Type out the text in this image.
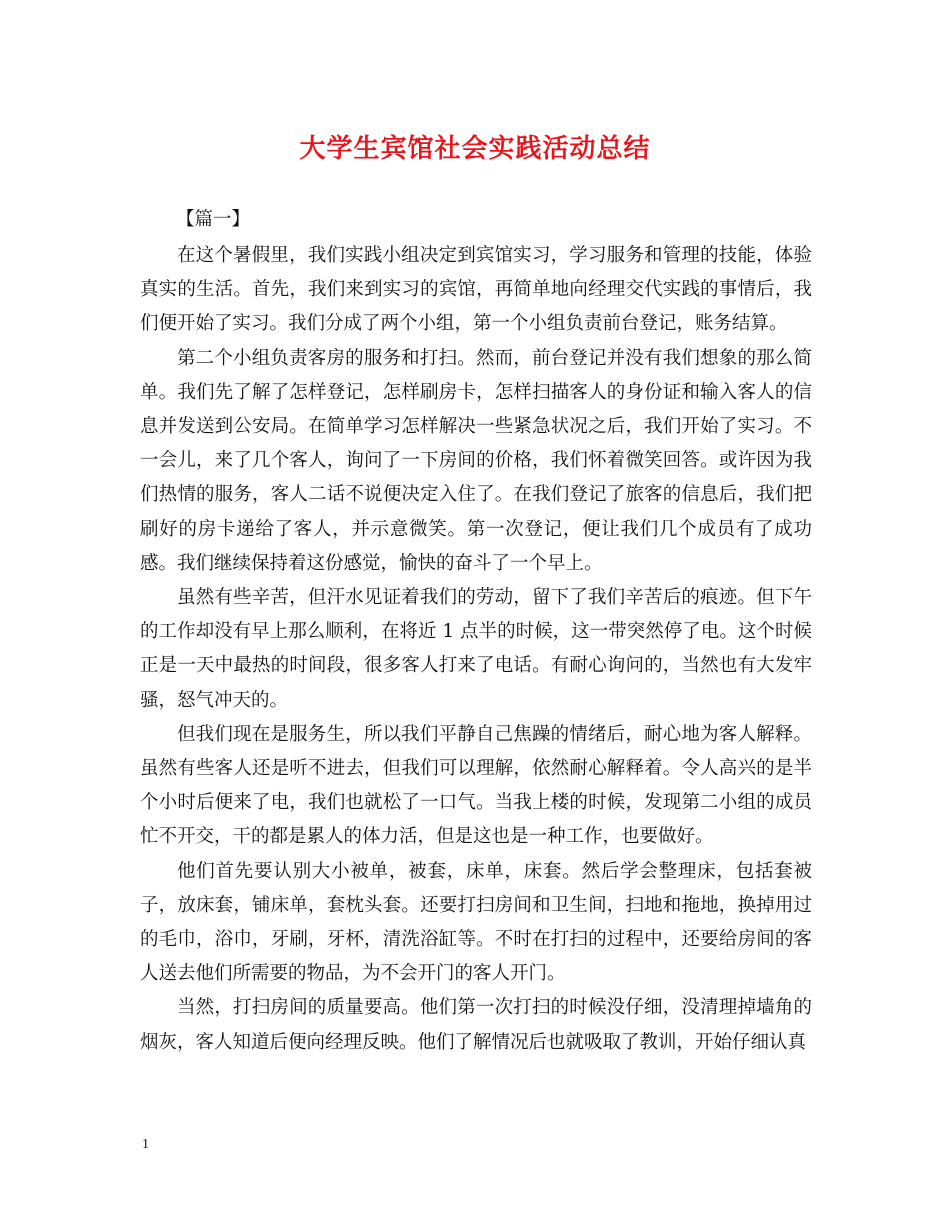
大学生宾馆社会实践活动总结
【篇一】

在这个暑假里，我们实践小组决定到宾馆实习，学习服务和管理的技能，体验真实的生活。首先，我们来到实习的宾馆，再简单地向经理交代实践的事情后，我们便开始了实习。我们分成了两个小组，第一个小组负责前台登记，账务结算。

第二个小组负责客房的服务和打扫。然而，前台登记并没有我们想象的那么简单。我们先了解了怎样登记，怎样刷房卡，怎样扫描客人的身份证和输入客人的信息并发送到公安局。在简单学习怎样解决一些紧急状况之后，我们开始了实习。不一会儿，来了几个客人，询问了一下房间的价格，我们怀着微笑回答。或许因为我们热情的服务，客人二话不说便决定入住了。在我们登记了旅客的信息后，我们把刷好的房卡递给了客人，并示意微笑。第一次登记，便让我们几个成员有了成功感。我们继续保持着这份感觉，愉快的奋斗了一个早上。

虽然有些辛苦，但汗水见证着我们的劳动，留下了我们辛苦后的痕迹。但下午的工作却没有早上那么顺利，在将近 1 点半的时候，这一带突然停了电。这个时候正是一天中最热的时间段，很多客人打来了电话。有耐心询问的，当然也有大发牢骚，怒气冲天的。

但我们现在是服务生，所以我们平静自己焦躁的情绪后，耐心地为客人解释。虽然有些客人还是听不进去，但我们可以理解，依然耐心解释着。令人高兴的是半个小时后便来了电，我们也就松了一口气。当我上楼的时候，发现第二小组的成员忙不开交，干的都是累人的体力活，但是这也是一种工作，也要做好。

他们首先要认别大小被单，被套，床单，床套。然后学会整理床，包括套被子，放床套，铺床单，套枕头套。还要打扫房间和卫生间，扫地和拖地，换掉用过的毛巾，浴巾，牙刷，牙杯，清洗浴缸等。不时在打扫的过程中，还要给房间的客人送去他们所需要的物品，为不会开门的客人开门。

当然，打扫房间的质量要高。他们第一次打扫的时候没仔细，没清理掉墙角的烟灰，客人知道后便向经理反映。他们了解情况后也就吸取了教训，开始仔细认真

1
